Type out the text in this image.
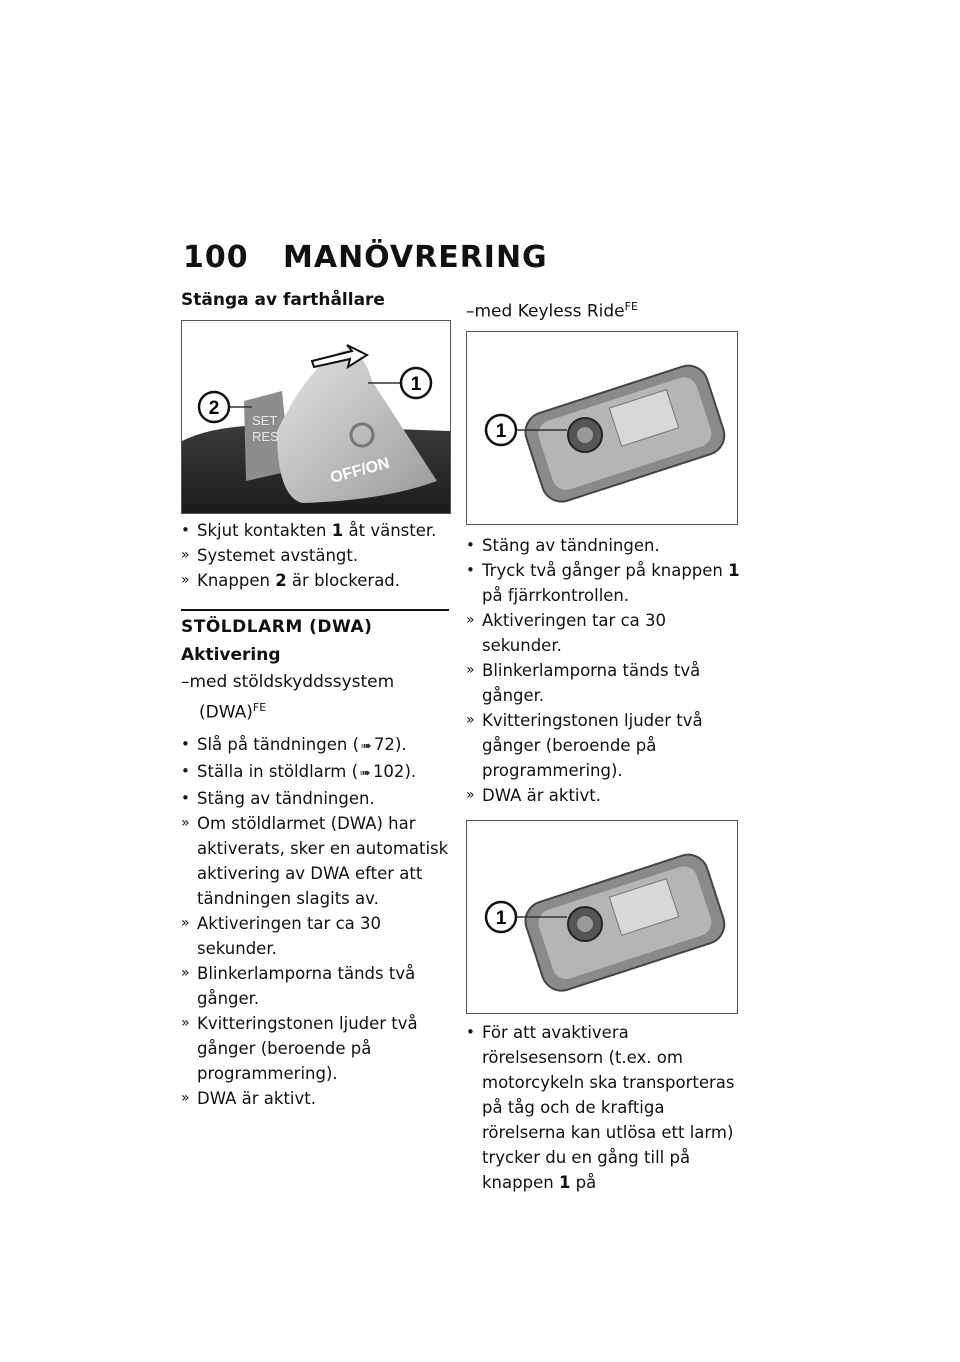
100 MANÖVRERING
Stänga av farthållare
SET
RES
OFF/ON
1
2
• Skjut kontakten 1 åt vänster.
» Systemet avstängt.
» Knappen 2 är blockerad.
STÖLDLARM (DWA)
Aktivering
–med stöldskyddssystem (DWA)$^{FE}$
• Slå på tändningen ( ➠ 72).
• Ställa in stöldlarm ( ➠ 102).
• Stäng av tändningen.
» Om stöldlarmet (DWA) har aktiverats, sker en automatisk aktivering av DWA efter att tändningen slagits av.
» Aktiveringen tar ca 30 sekunder.
» Blinkerlamporna tänds två gånger.
» Kvitteringstonen ljuder två gånger (beroende på programmering).
» DWA är aktivt.
–med Keyless Ride$^{FE}$
1
• Stäng av tändningen.
• Tryck två gånger på knappen 1 på fjärrkontrollen.
» Aktiveringen tar ca 30 sekunder.
» Blinkerlamporna tänds två gånger.
» Kvitteringstonen ljuder två gånger (beroende på programmering).
» DWA är aktivt.
1
• För att avaktivera rörelsesensorn (t.ex. om motorcykeln ska transporteras på tåg och de kraftiga rörelserna kan utlösa ett larm) trycker du en gång till på knappen 1 på
